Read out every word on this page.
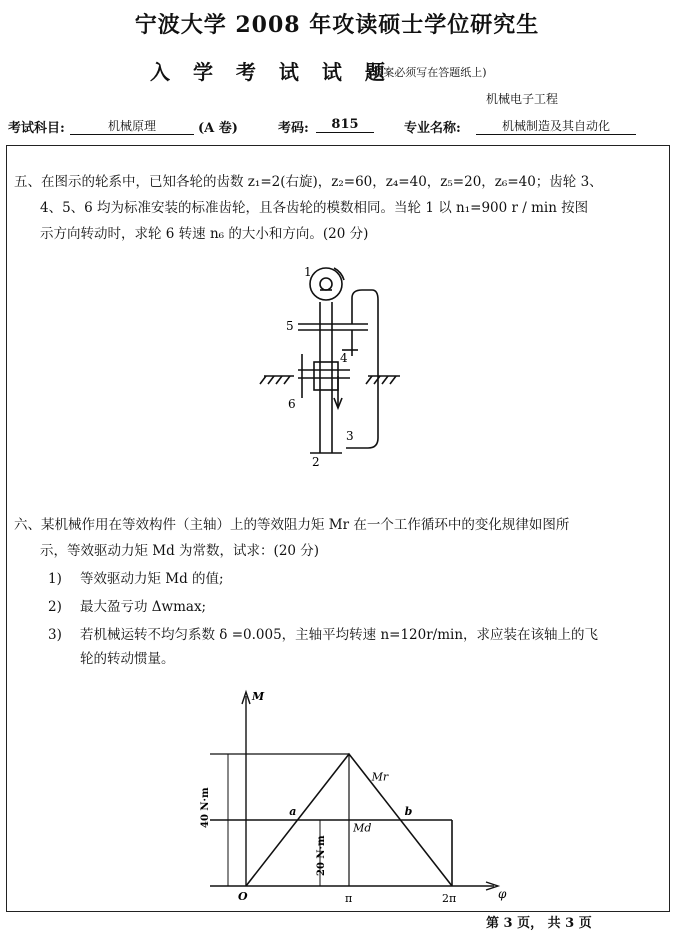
宁波大学 2008 年攻读硕士学位研究生
入 学 考 试 试 题
(答案必须写在答题纸上)
机械电子工程
考试科目:	机械原理	(A 卷)	考码:	815	专业名称:	机械制造及其自动化
五、在图示的轮系中，已知各轮的齿数 z₁=2(右旋)，z₂=60，z₄=40，z₅=20，z₆=40；齿轮 3、
4、5、6 均为标准安装的标准齿轮，且各齿轮的模数相同。当轮 1 以 n₁=900 r / min 按图
示方向转动时，求轮 6 转速 n₆ 的大小和方向。(20 分)
1
5
4
6
3
2
六、某机械作用在等效构件（主轴）上的等效阻力矩 Mr 在一个工作循环中的变化规律如图所
示，等效驱动力矩 Md 为常数，试求：(20 分)
1) 等效驱动力矩 Md 的值;
2) 最大盈亏功 Δwmax;
3) 若机械运转不均匀系数 δ =0.005，主轴平均转速 n=120r/min，求应装在该轴上的飞
轮的转动惯量。
M
φ
O	π	2π
Mr
Md
a	b
40 N·m
20 N·m
第 3 页， 共 3 页
